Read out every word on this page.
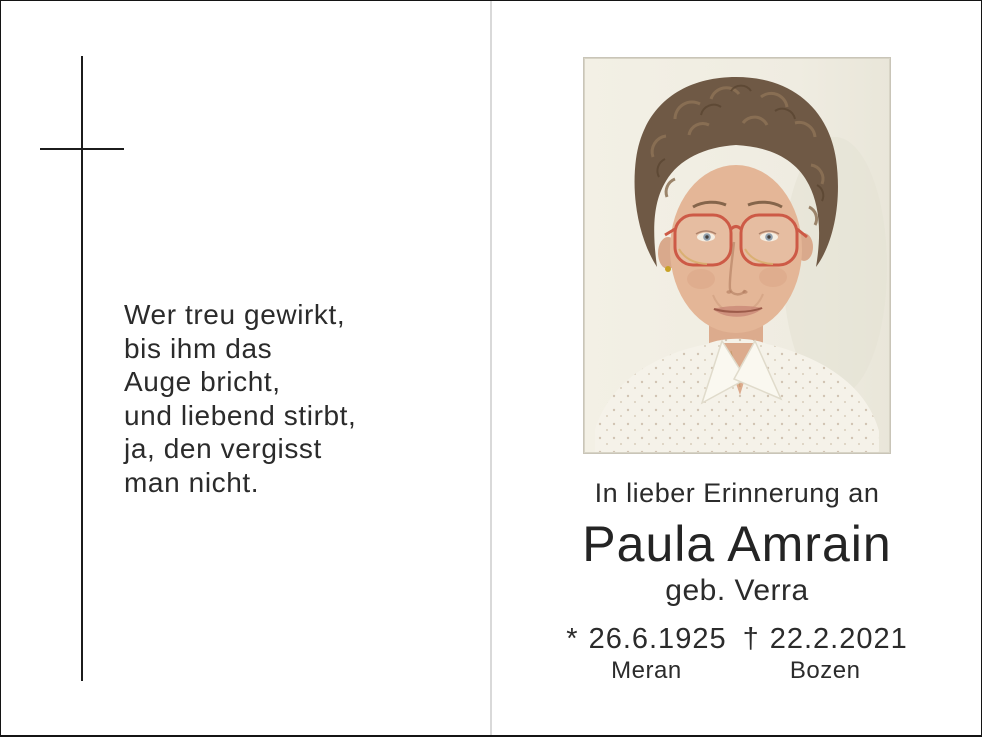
Wer treu gewirkt,
bis ihm das
Auge bricht,
und liebend stirbt,
ja, den vergisst
man nicht.	In lieber Erinnerung an
Paula Amrain
geb. Verra
* 26.6.1925
Meran
† 22.2.2021
Bozen
